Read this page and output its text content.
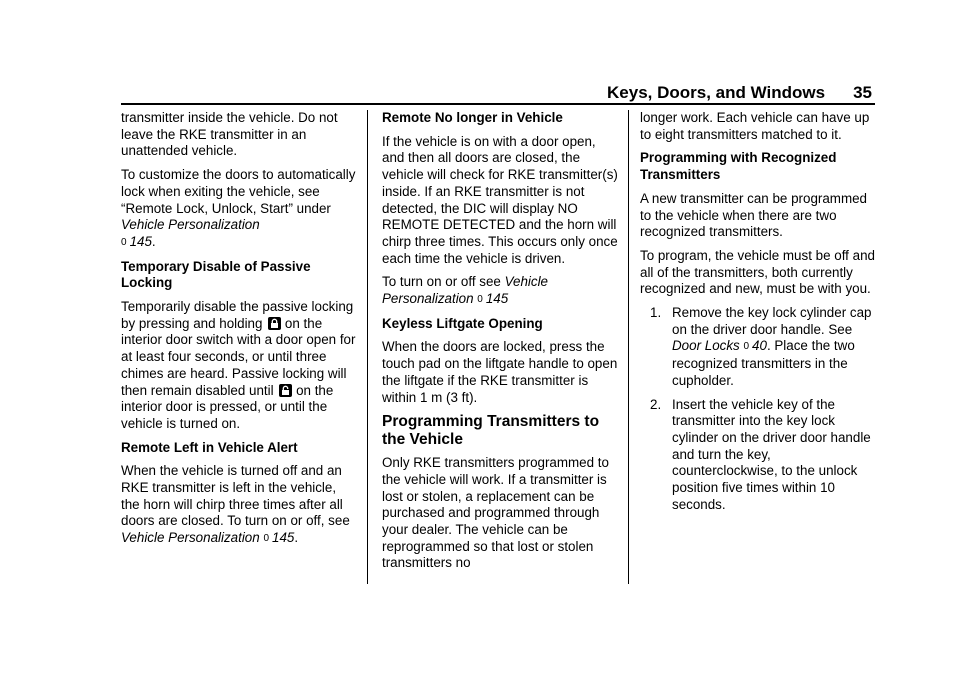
Keys, Doors, and Windows 35

transmitter inside the vehicle. Do not leave the RKE transmitter in an unattended vehicle.

To customize the doors to automatically lock when exiting the vehicle, see “Remote Lock, Unlock, Start” under Vehicle Personalization
0 145.

Temporary Disable of Passive Locking

Temporarily disable the passive locking by pressing and holding on the interior door switch with a door open for at least four seconds, or until three chimes are heard. Passive locking will then remain disabled until on the interior door is pressed, or until the vehicle is turned on.

Remote Left in Vehicle Alert

When the vehicle is turned off and an RKE transmitter is left in the vehicle, the horn will chirp three times after all doors are closed. To turn on or off, see Vehicle Personalization 0 145.

Remote No longer in Vehicle

If the vehicle is on with a door open, and then all doors are closed, the vehicle will check for RKE transmitter(s) inside. If an RKE transmitter is not detected, the DIC will display NO REMOTE DETECTED and the horn will chirp three times. This occurs only once each time the vehicle is driven.

To turn on or off see Vehicle Personalization 0 145

Keyless Liftgate Opening

When the doors are locked, press the touch pad on the liftgate handle to open the liftgate if the RKE transmitter is within 1 m (3 ft).

Programming Transmitters to the Vehicle

Only RKE transmitters programmed to the vehicle will work. If a transmitter is lost or stolen, a replacement can be purchased and programmed through your dealer. The vehicle can be reprogrammed so that lost or stolen transmitters no

longer work. Each vehicle can have up to eight transmitters matched to it.

Programming with Recognized Transmitters

A new transmitter can be programmed to the vehicle when there are two recognized transmitters.

To program, the vehicle must be off and all of the transmitters, both currently recognized and new, must be with you.

1. Remove the key lock cylinder cap on the driver door handle. See Door Locks 0 40. Place the two recognized transmitters in the cupholder.
2. Insert the vehicle key of the transmitter into the key lock cylinder on the driver door handle and turn the key, counterclockwise, to the unlock position five times within 10 seconds.
